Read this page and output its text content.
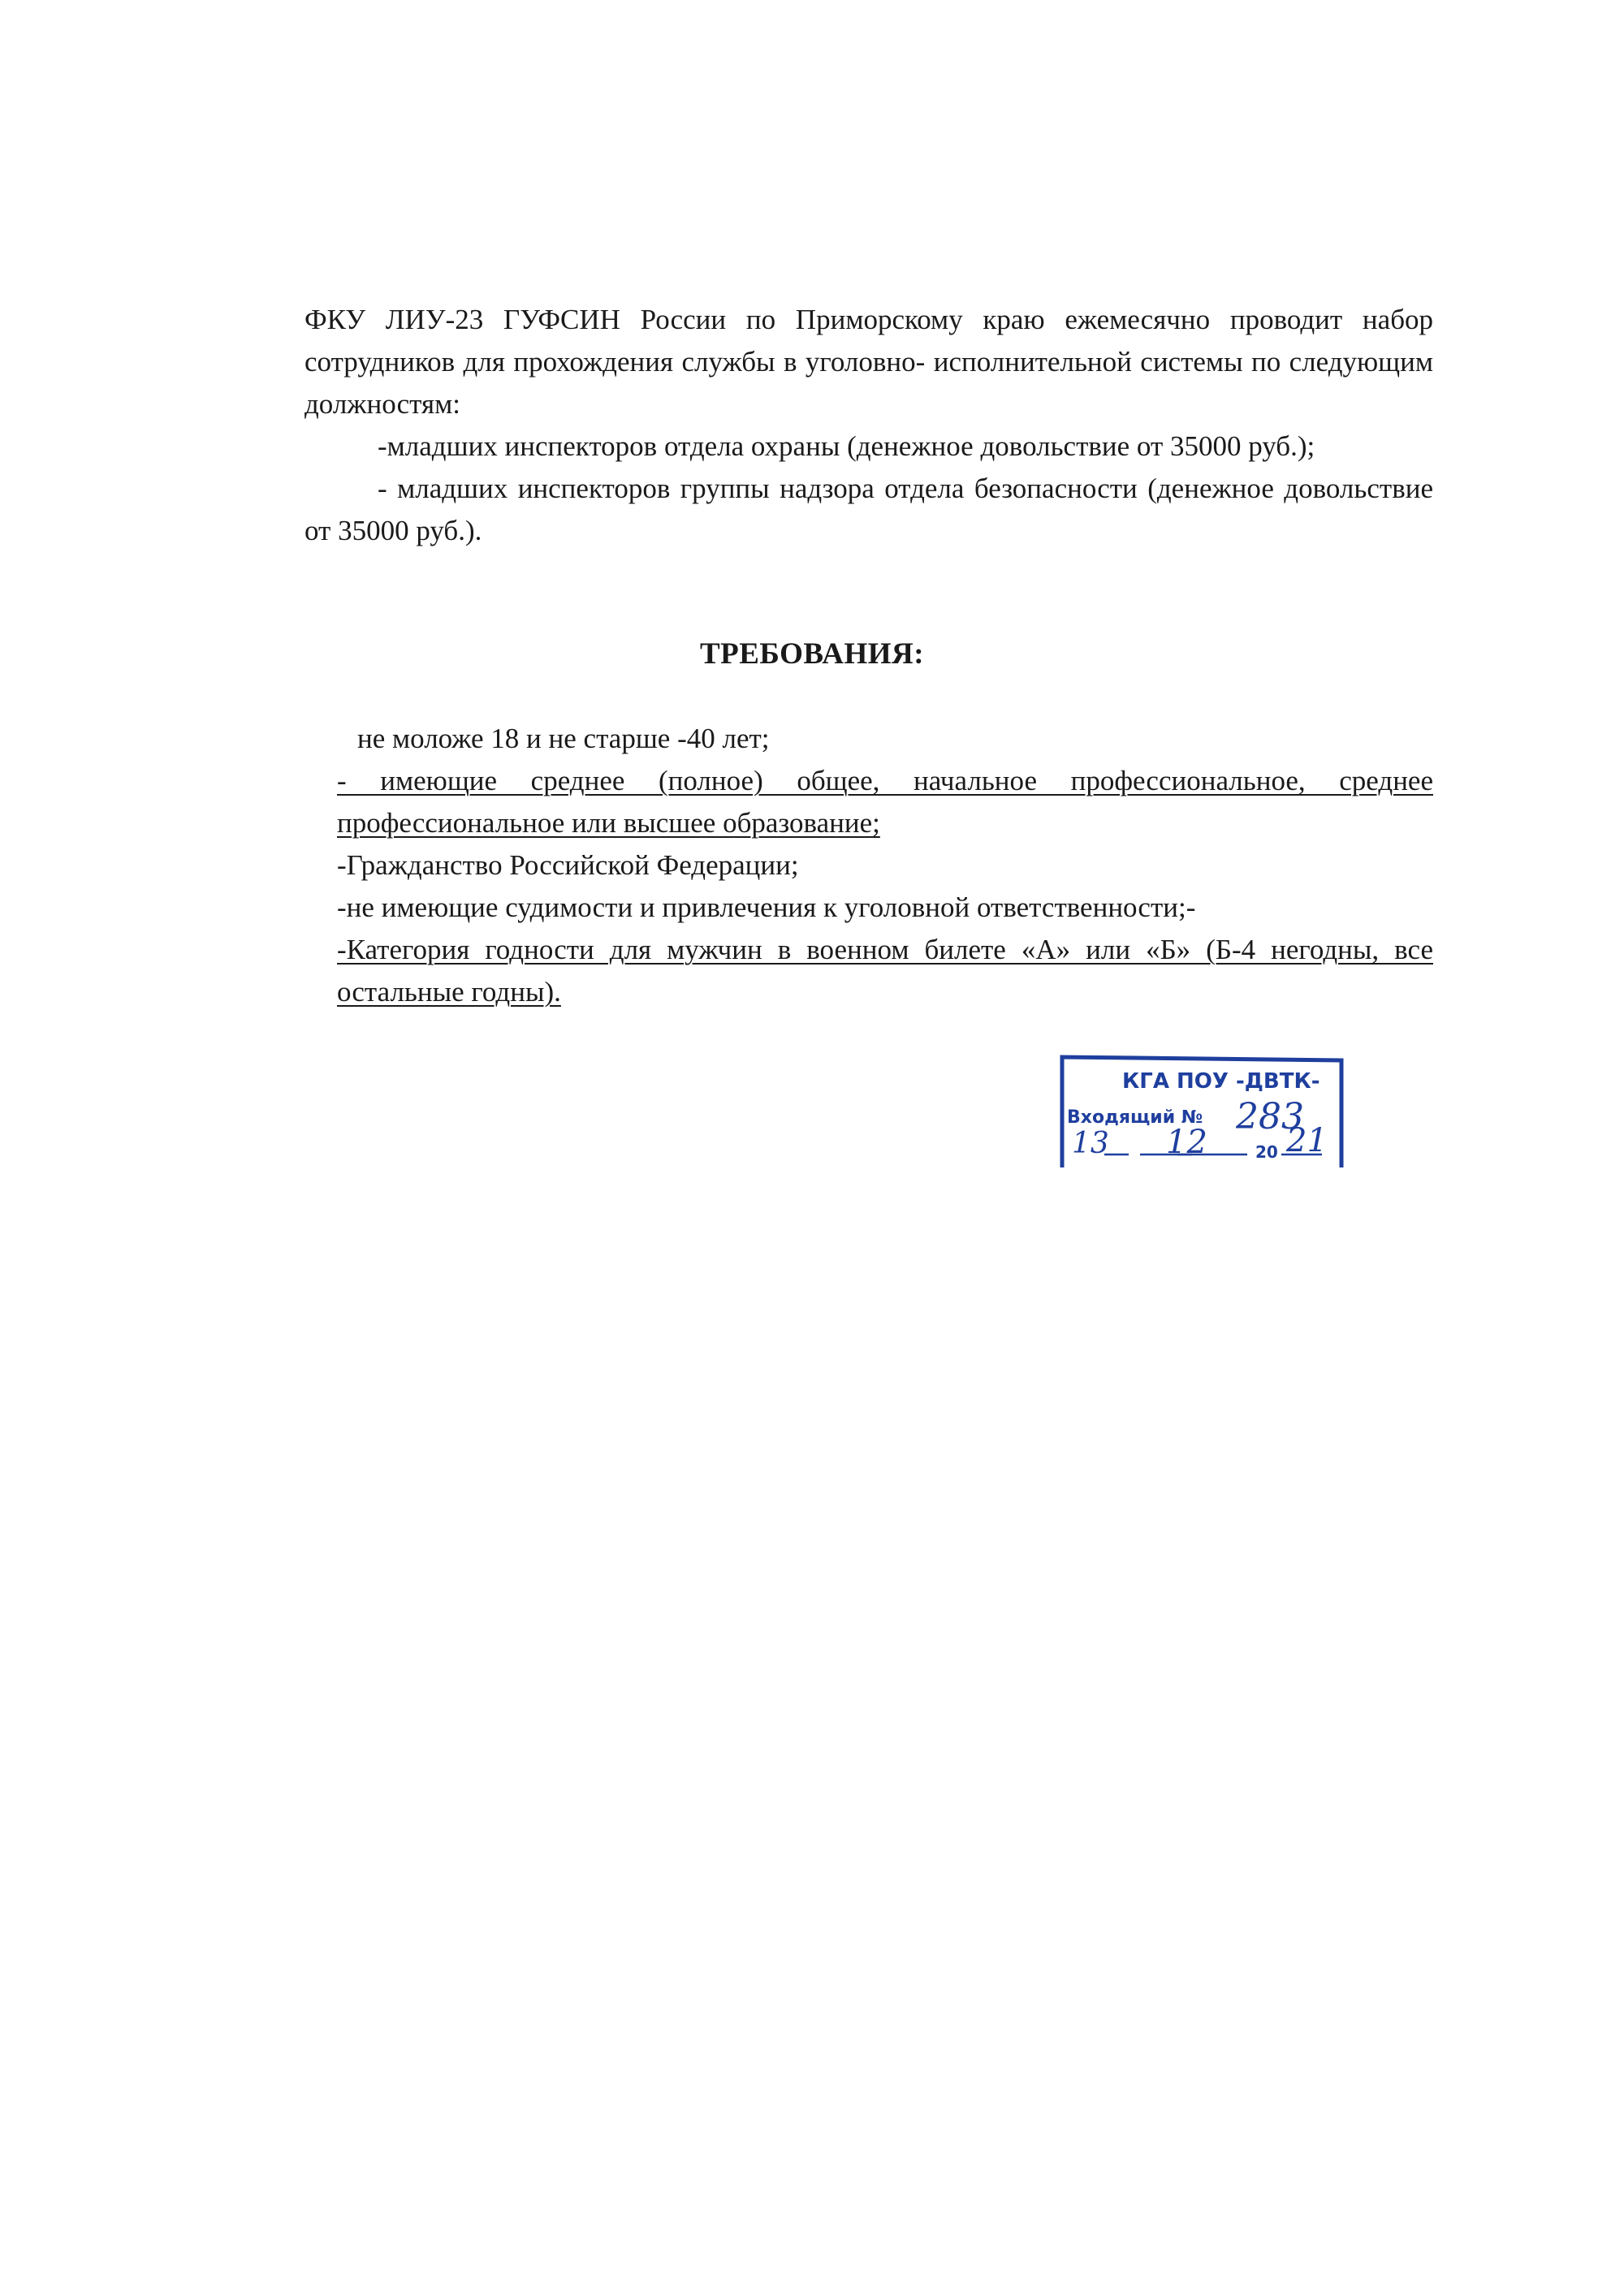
ФКУ ЛИУ-23 ГУФСИН России по Приморскому краю ежемесячно проводит набор сотрудников для прохождения службы в уголовно- исполнительной системы по следующим должностям:

-младших инспекторов отдела охраны (денежное довольствие от 35000 руб.);

- младших инспекторов группы надзора отдела безопасности (денежное довольствие от 35000 руб.).

ТРЕБОВАНИЯ:

не моложе 18 и не старше -40 лет;

- имеющие среднее (полное) общее, начальное профессиональное, среднее профессиональное или высшее образование;

-Гражданство Российской Федерации;

-не имеющие судимости и привлечения к уголовной ответственности;-

-Категория годности для мужчин в военном билете «А» или «Б» (Б-4 негодны, все остальные годны).

КГА ПОУ -ДВТК-
Входящий № 283
13 12	20 21
